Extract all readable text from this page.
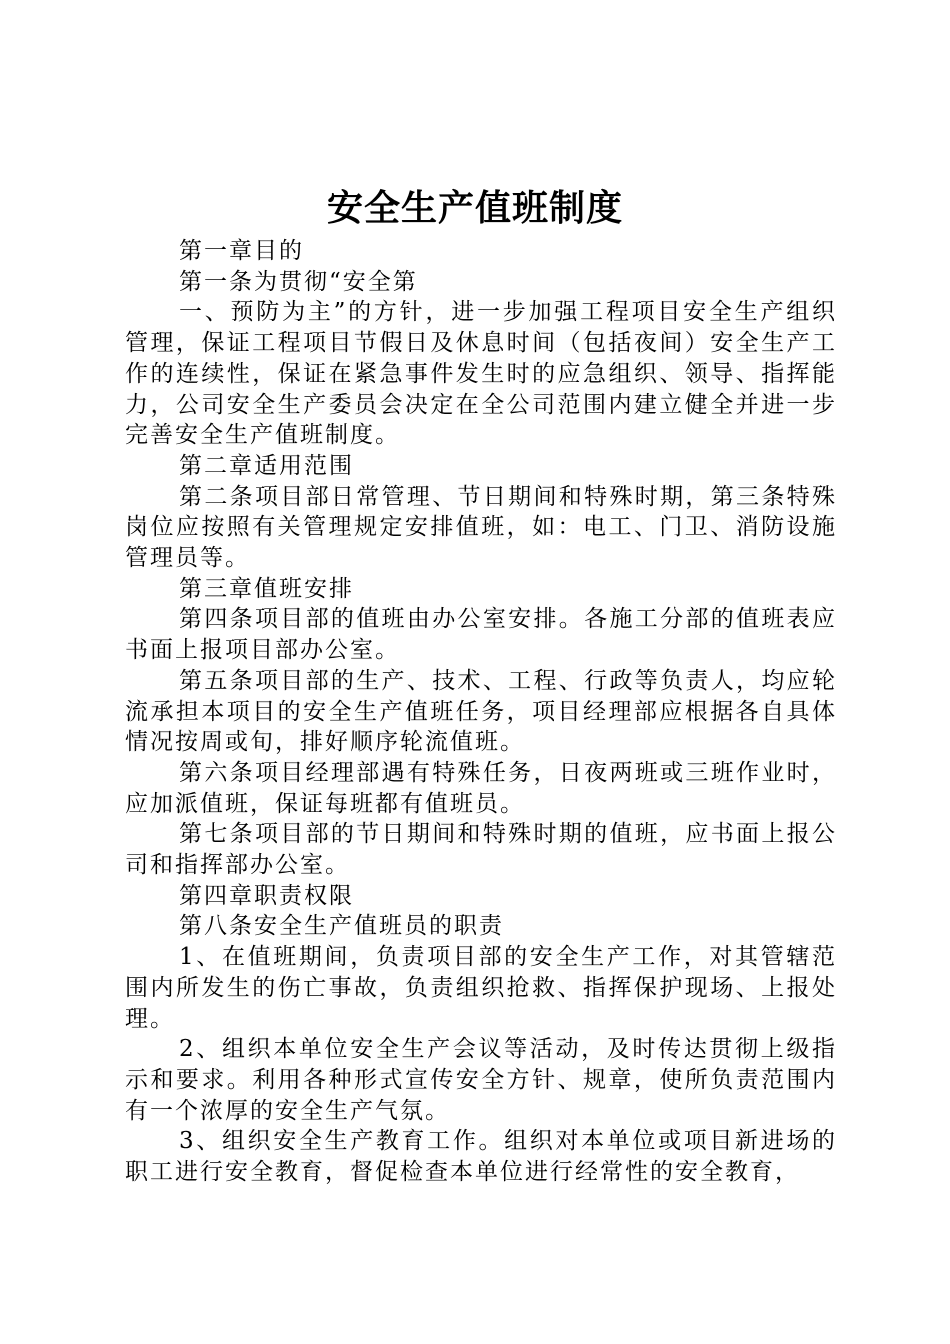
安全生产值班制度

第一章目的

第一条为贯彻“安全第

一、预防为主”的方针，进一步加强工程项目安全生产组织管理，保证工程项目节假日及休息时间（包括夜间）安全生产工作的连续性，保证在紧急事件发生时的应急组织、领导、指挥能力，公司安全生产委员会决定在全公司范围内建立健全并进一步完善安全生产值班制度。

第二章适用范围

第二条项目部日常管理、节日期间和特殊时期，第三条特殊岗位应按照有关管理规定安排值班，如：电工、门卫、消防设施管理员等。

第三章值班安排

第四条项目部的值班由办公室安排。各施工分部的值班表应书面上报项目部办公室。

第五条项目部的生产、技术、工程、行政等负责人，均应轮流承担本项目的安全生产值班任务，项目经理部应根据各自具体情况按周或旬，排好顺序轮流值班。

第六条项目经理部遇有特殊任务，日夜两班或三班作业时，应加派值班，保证每班都有值班员。

第七条项目部的节日期间和特殊时期的值班，应书面上报公司和指挥部办公室。

第四章职责权限

第八条安全生产值班员的职责

1、在值班期间，负责项目部的安全生产工作，对其管辖范围内所发生的伤亡事故，负责组织抢救、指挥保护现场、上报处理。

2、组织本单位安全生产会议等活动，及时传达贯彻上级指示和要求。利用各种形式宣传安全方针、规章，使所负责范围内有一个浓厚的安全生产气氛。

3、组织安全生产教育工作。组织对本单位或项目新进场的职工进行安全教育，督促检查本单位进行经常性的安全教育，
